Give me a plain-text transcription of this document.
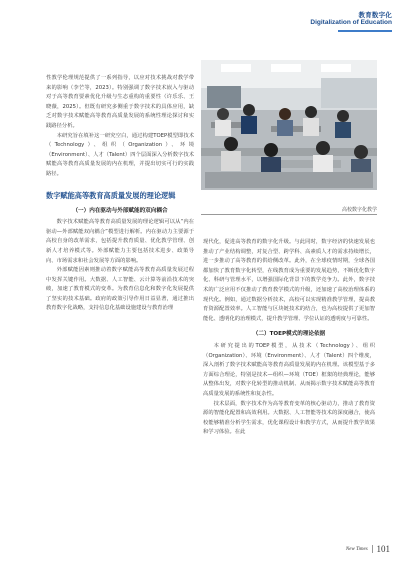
教育数字化
Digitalization of Education

性教学伦理规范提供了一系列指导，以应对技术挑战对教学带来的影响（李芒等，2023）。特别强调了数字技术嵌入与驱动对于高等教育要素优化升级与生态重构的重要性（许乐乐、王晓薇，2025）。但既有研究多侧重于数字技术的具体应用，缺乏对数字技术赋能高等教育高质量发展的系统性理论探讨和实践路径分析。

本研究旨在填补这一研究空白，通过构建TOEP模型即技术（Technology）、组织（Organization）、环境（Environment）、人才（Talent）四个层面深入分析数字技术赋能高等教育高质量发展的内在机理，并提出切实可行的实践路径。

数字赋能高等教育高质量发展的理论逻辑
（一）内在驱动与外部赋能的双向耦合

数字技术赋能高等教育高质量发展的理论逻辑可以从“内在驱动—外部赋能双向耦合”模型进行解析。内在驱动力主要源于高校自身的改革需求，包括提升教育质量、优化教学管理、创新人才培养模式等。外部赋能力主要包括技术进步、政策导向、市场需求和社会发展等方面的影响。

外部赋能因素则推动着数字赋能高等教育高质量发展过程中发挥关键作用。大数据、人工智能、云计算等前沿技术的突破，加速了教育模式的变革。为教育信息化和数字化发展提供了坚实的技术基础。政府的政策引导作用日益显著，通过推出教育数字化战略，支持信息化基础设施建设与教育治理

高校数字化教学

现代化，促进高等教育的数字化升级。与此同时，数字经济的快速发展也推动了产业结构调整，对复合型、跨学科、高素质人才的需求持续增长，进一步推动了高等教育的供给侧改革。此外，在全球疫情时期，全球各国都加快了教育数字化转型，在线教育成为重要的发展趋势，不断优化数字化、科研与管理水平，以增强国际化背景下的教学竞争力。此外，数字技术的广泛应用不仅推动了教育教学模式的升级，还加速了高校治理体系的现代化。例如，通过数据分析技术，高校可以实现精准教学管理，提高教育资源配置效率。人工智能与区块链技术的结合，也为高校提供了更加智能化、透明化的治理模式，提升教学管理、学位认证的透明度与可靠性。

（二）TOEP模式的理论依据

本研究提出的TOEP模型，从技术（Technology）、组织（Organization）、环境（Environment）、人才（Talent）四个维度，深入剖析了数字技术赋能高等教育高质量发展的内在机理。该模型基于多方面综合理论，特别是技术—组织—环境（TOE）框架的经典理论，能够从整体出发，对数字化转型的推动机制、从而揭示数字技术赋能高等教育高质量发展的系统性和复杂性。

技术层面，数字技术作为高等教育变革的核心驱动力，推动了教育资源的智能化配置和高效利用。大数据、人工智能等技术的深度融合，使高校能够精准分析学生需求，优化课程设计和教学方式，从而提升教学效果和学习体验。在此

New Times 101
